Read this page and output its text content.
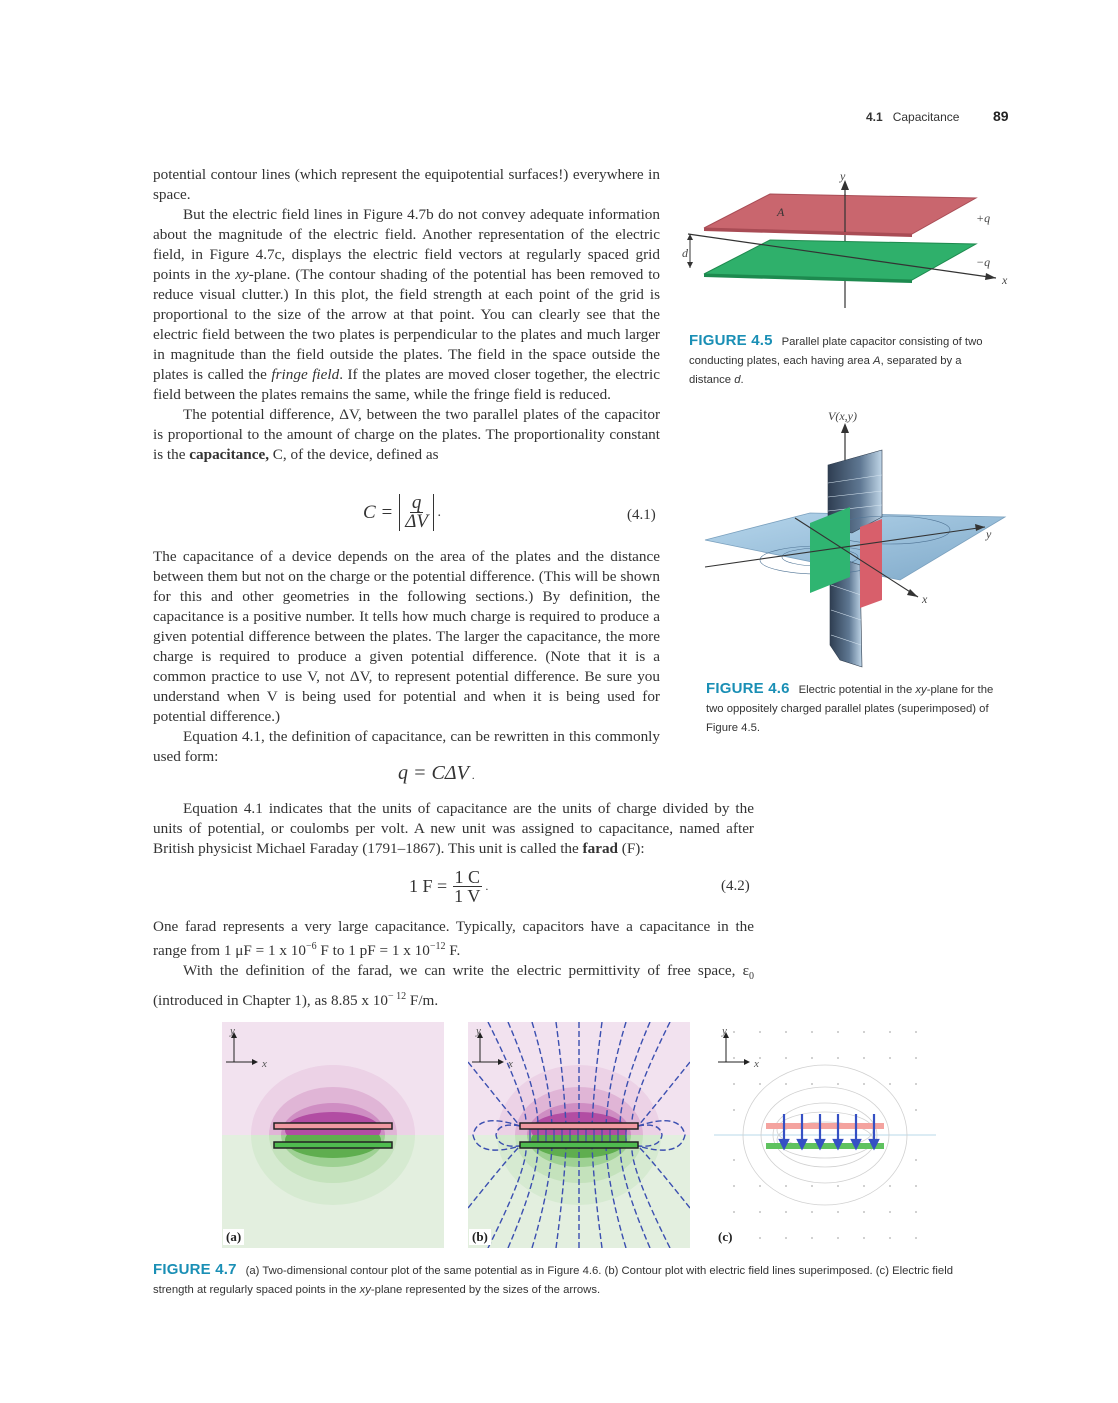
4.1 Capacitance 89

potential contour lines (which represent the equipotential surfaces!) everywhere in space.

But the electric field lines in Figure 4.7b do not convey adequate information about the magnitude of the electric field. Another representation of the electric field, in Figure 4.7c, displays the electric field vectors at regularly spaced grid points in the xy-plane. (The contour shading of the potential has been removed to reduce visual clutter.) In this plot, the field strength at each point of the grid is proportional to the size of the arrow at that point. You can clearly see that the electric field between the two plates is perpendicular to the plates and much larger in magnitude than the field outside the plates. The field in the space outside the plates is called the fringe field. If the plates are moved closer together, the electric field between the plates remains the same, while the fringe field is reduced.

The potential difference, ΔV, between the two parallel plates of the capacitor is proportional to the amount of charge on the plates. The proportionality constant is the capacitance, C, of the device, defined as

$C = \frac{q}{\Delta V}$ .	(4.1)

The capacitance of a device depends on the area of the plates and the distance between them but not on the charge or the potential difference. (This will be shown for this and other geometries in the following sections.) By definition, the capacitance is a positive number. It tells how much charge is required to produce a given potential difference between the plates. The larger the capacitance, the more charge is required to produce a given potential difference. (Note that it is a common practice to use V, not ΔV, to represent potential difference. Be sure you understand when V is being used for potential and when it is being used for potential difference.)

Equation 4.1, the definition of capacitance, can be rewritten in this commonly used form:

q = CΔV .

Equation 4.1 indicates that the units of capacitance are the units of charge divided by the units of potential, or coulombs per volt. A new unit was assigned to capacitance, named after British physicist Michael Faraday (1791–1867). This unit is called the farad (F):

1 $F = \frac{1 C}{1 V}$ .	(4.2)

One farad represents a very large capacitance. Typically, capacitors have a capacitance in the range from 1 μF = 1 x $10^{-6}$ F to 1 pF = 1 x $10^{-12}$ F.

With the definition of the farad, we can write the electric permittivity of free space, $\varepsilon_0$ (introduced in Chapter 1), as 8.85 x $10^{- 12}$ F/m.

y
x
A	+q
−q
d
FIGURE 4.5 Parallel plate capacitor consisting of two conducting plates, each having area A, separated by a distance d.
V(x,y)
y
x
FIGURE 4.6 Electric potential in the xy-plane for the two oppositely charged parallel plates (superimposed) of Figure 4.5.
y
x
(a)
y
x
(b)
y
x
(c)
FIGURE 4.7 (a) Two-dimensional contour plot of the same potential as in Figure 4.6. (b) Contour plot with electric field lines superimposed. (c) Electric field strength at regularly spaced points in the xy-plane represented by the sizes of the arrows.
